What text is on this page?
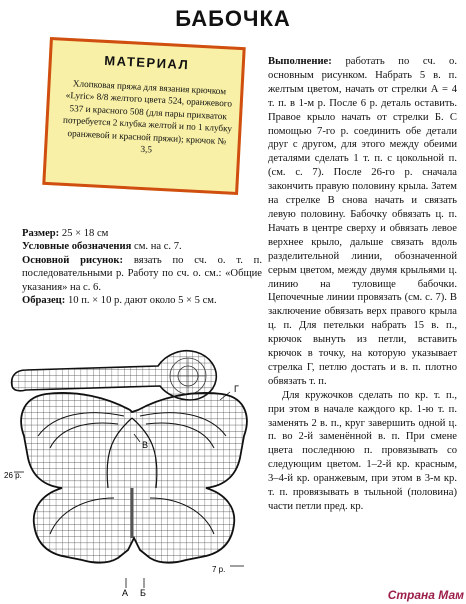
БАБОЧКА
МАТЕРИАЛ
Хлопковая пряжа для вязания крючком «Lyric» 8/8 желтого цвета 524, оранжевого 537 и красного 508 (для пары прихваток потребуется 2 клубка желтой и по 1 клубку оранжевой и красной пряжи); крючок № 3,5

Размер: 25 × 18 см

Условные обозначения см. на с. 7.

Основной рисунок: вязать по сч. о. т. п. последовательными р. Работу по сч. о. см.: «Общие указания» на с. 6.

Образец: 10 п. × 10 р. дают около 5 × 5 см.

Выполнение: работать по сч. о. основным рисунком. Набрать 5 в. п. желтым цветом, начать от стрелки А = 4 т. п. в 1-м р. После 6 р. деталь оставить. Правое крыло начать от стрелки Б. С помощью 7-го р. соединить обе детали друг с другом, для этого между обеими деталями сделать 1 т. п. с цокольной п. (см. с. 7). После 26-го р. сначала закончить правую половину крыла. Затем на стрелке В снова начать и связать левую половину. Бабочку обвязать ц. п. Начать в центре сверху и обвязать левое верхнее крыло, дальше связать вдоль разделительной линии, обозначенной серым цветом, между двумя крыльями ц. линию на туловище бабочки. Цепочечные линии провязать (см. с. 7). В заключение обвязать верх правого крыла ц. п. Для петельки набрать 15 в. п., крючок вынуть из петли, вставить крючок в точку, на которую указывает стрелка Г, петлю достать и в. п. плотно обвязать т. п.

Для кружочков сделать по кр. т. п., при этом в начале каждого кр. 1-ю т. п. заменять 2 в. п., круг завершить одной ц. п. во 2-й заменённой в. п. При смене цвета последнюю п. провязывать со следующим цветом. 1–2-й кр. красным, 3–4-й кр. оранжевым, при этом в 3-м кр. т. п. провязывать в тыльной (половина) части петли пред. кр.

Г
В
26 р.
7 р.
Б
А	Страна Мам
